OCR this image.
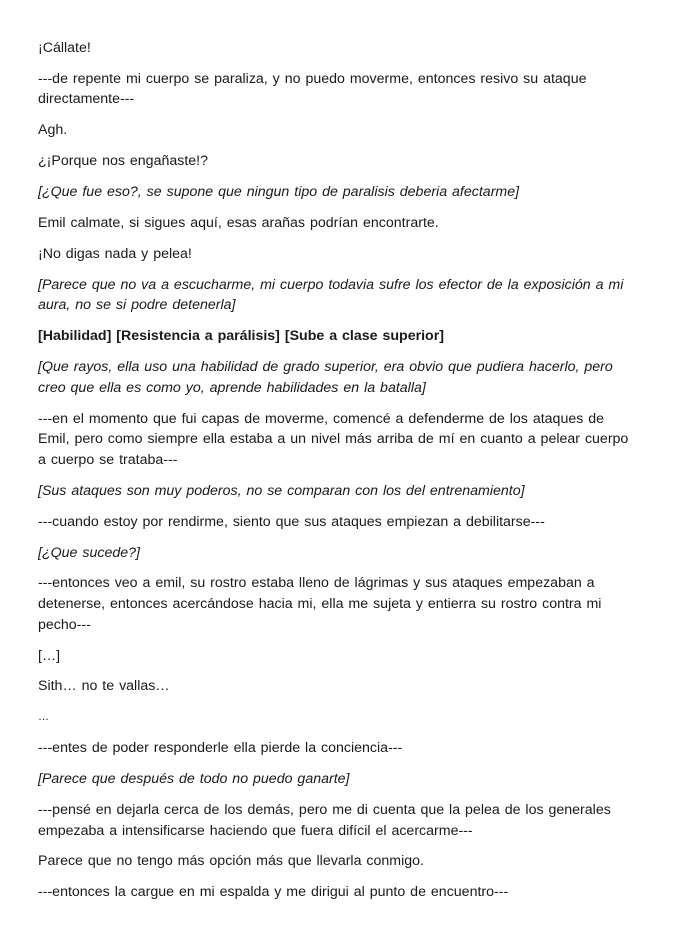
¡Cállate!

---de repente mi cuerpo se paraliza, y no puedo moverme, entonces resivo su ataque directamente---

Agh.

¿¡Porque nos engañaste!?

[¿Que fue eso?, se supone que ningun tipo de paralisis deberia afectarme]

Emil calmate, si sigues aquí, esas arañas podrían encontrarte.

¡No digas nada y pelea!

[Parece que no va a escucharme, mi cuerpo todavia sufre los efector de la exposición a mi aura, no se si podre detenerla]

[Habilidad] [Resistencia a parálisis] [Sube a clase superior]

[Que rayos, ella uso una habilidad de grado superior, era obvio que pudiera hacerlo, pero creo que ella es como yo, aprende habilidades en la batalla]

---en el momento que fui capas de moverme, comencé a defenderme de los ataques de Emil, pero como siempre ella estaba a un nivel más arriba de mí en cuanto a pelear cuerpo a cuerpo se trataba---

[Sus ataques son muy poderos, no se comparan con los del entrenamiento]

---cuando estoy por rendirme, siento que sus ataques empiezan a debilitarse---

[¿Que sucede?]

---entonces veo a emil, su rostro estaba lleno de lágrimas y sus ataques empezaban a detenerse, entonces acercándose hacia mi, ella me sujeta y entierra su rostro contra mi pecho---

[…]

Sith… no te vallas…

…

---entes de poder responderle ella pierde la conciencia---

[Parece que después de todo no puedo ganarte]

---pensé en dejarla cerca de los demás, pero me di cuenta que la pelea de los generales empezaba a intensificarse haciendo que fuera difícil el acercarme---

Parece que no tengo más opción más que llevarla conmigo.

---entonces la cargue en mi espalda y me dirigui al punto de encuentro---
